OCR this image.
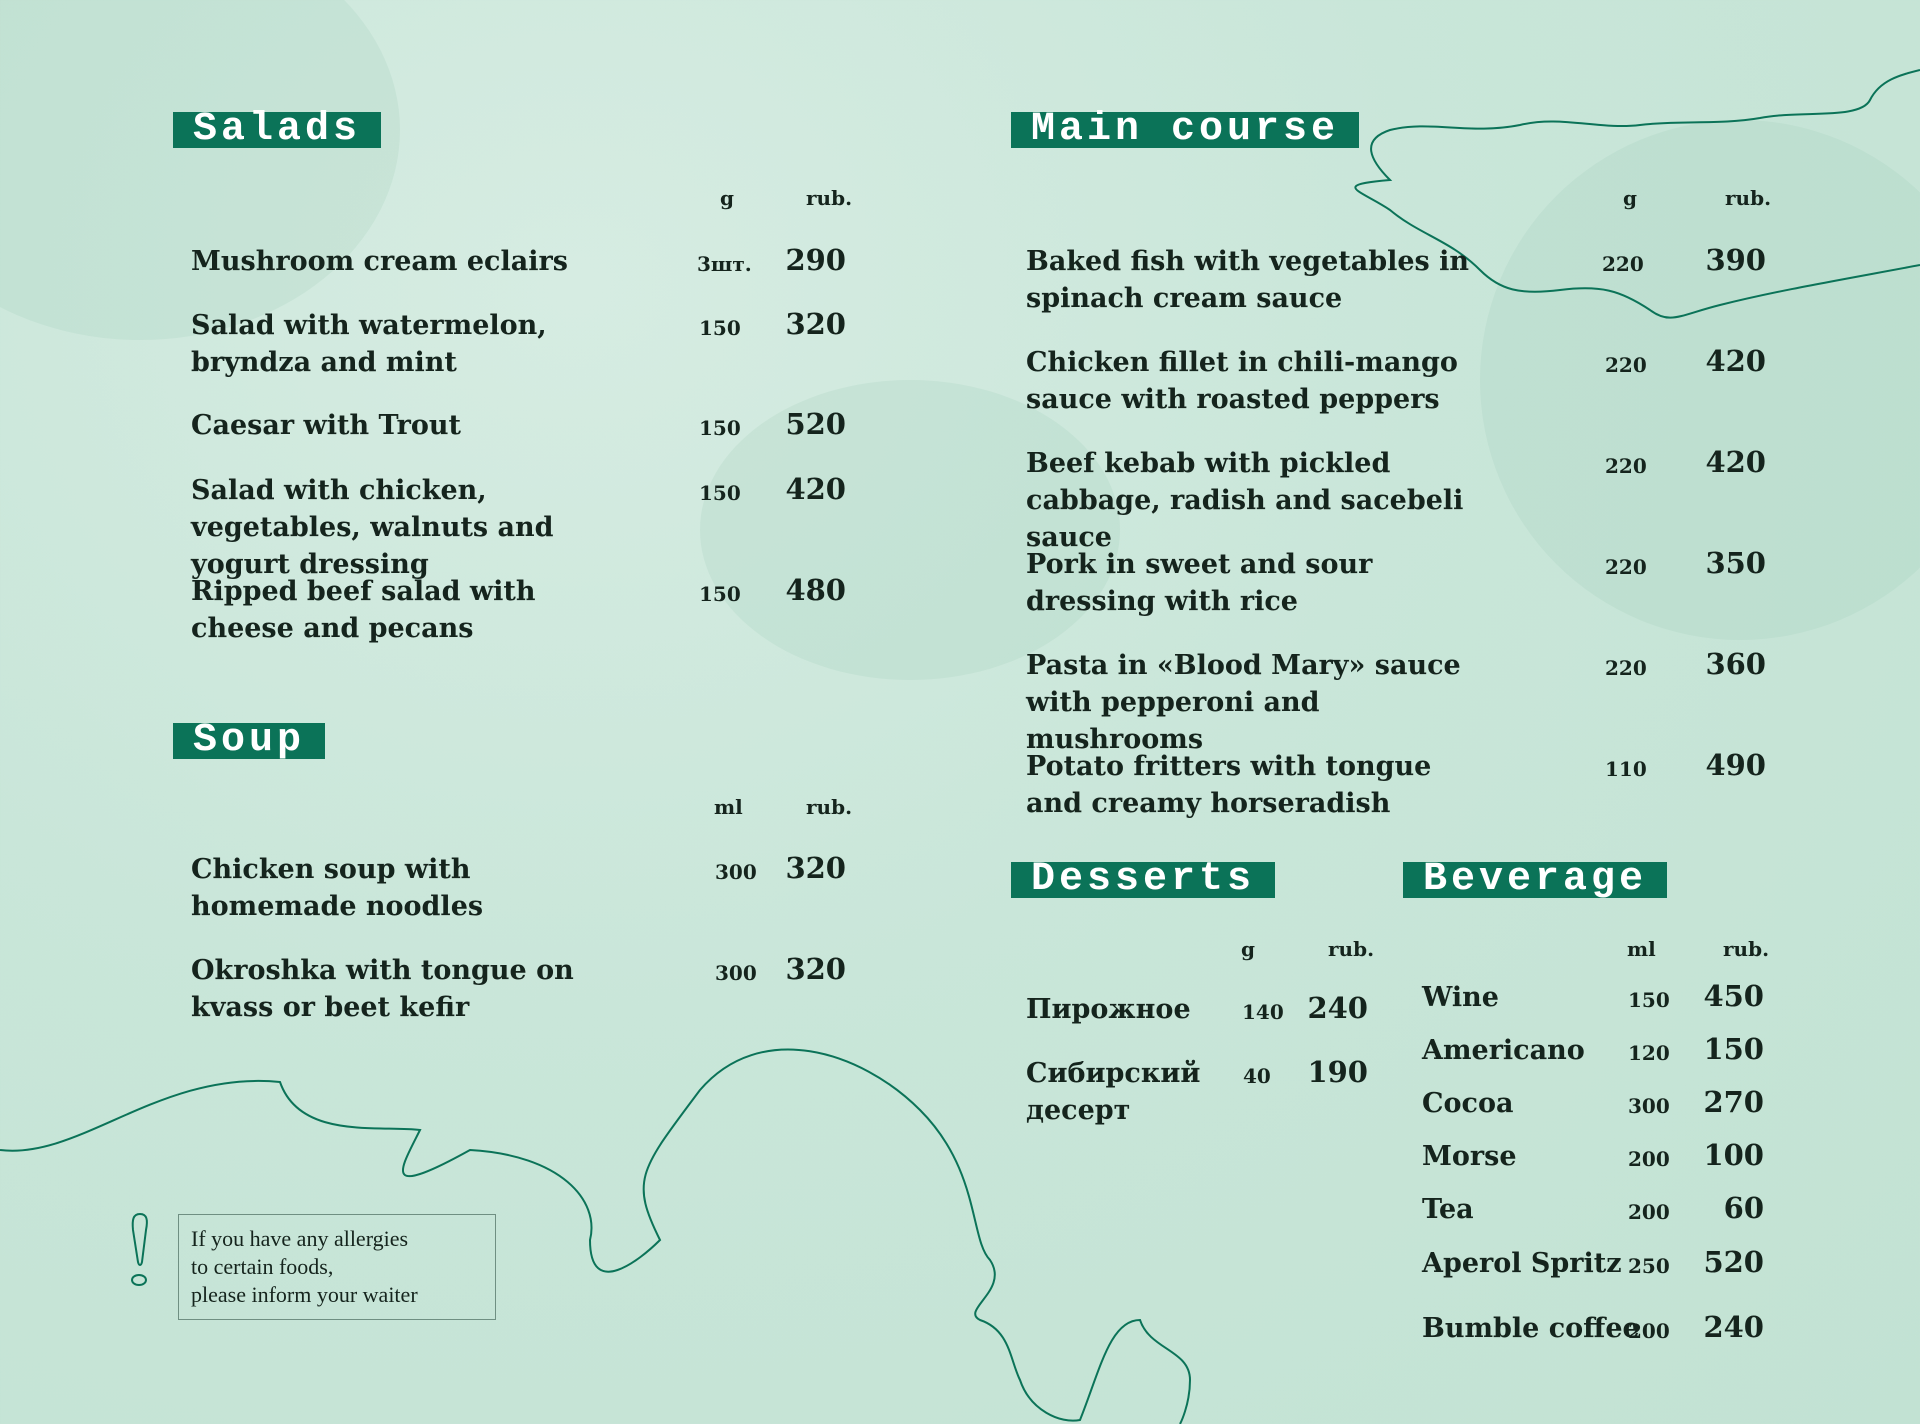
Salads
g	rub.
Mushroom cream eclairs	3шт.	290
Salad with watermelon, bryndza and mint
150	320
Caesar with Trout	150	520
Salad with chicken, vegetables, walnuts and yogurt dressing
150	420
Ripped beef salad with cheese and pecans
150	480
Soup
ml	rub.
Chicken soup with homemade noodles
300 320
Okroshka with tongue on kvass or beet kefir
300 320
Main course
g	rub.
Baked fish with vegetables in spinach cream sauce
220	390
Chicken fillet in chili-mango sauce with roasted peppers
220	420
Beef kebab with pickled cabbage, radish and sacebeli sauce
220	420
Pork in sweet and sour dressing with rice
220	350
Pasta in «Blood Mary» sauce with pepperoni and mushrooms
220	360
Potato fritters with tongue and creamy horseradish
110	490
Desserts
g	rub.
Пирожное	140 240
Сибирский десерт
40	190
Beverage
ml	rub.
Wine	150	450
Americano	120	150
Cocoa	300	270
Morse	200	100
Tea	200	60
Aperol Spritz 250	520
Bumble coffee
200	240
If you have any allergies
to certain foods,
please inform your waiter
